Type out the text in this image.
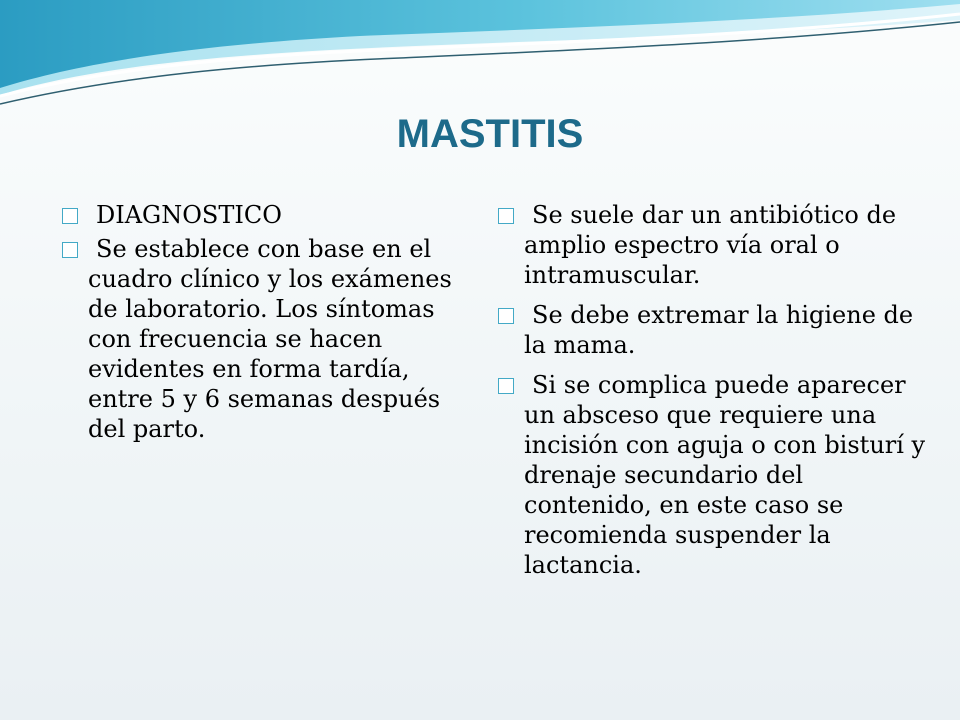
MASTITIS
DIAGNOSTICO
Se establece con base en el cuadro clínico y los exámenes de laboratorio. Los síntomas con frecuencia se hacen evidentes en forma tardía, entre 5 y 6 semanas después del parto.
Se suele dar un antibiótico de amplio espectro vía oral o intramuscular.
Se debe extremar la higiene de la mama.
Si se complica puede aparecer un absceso que requiere una incisión con aguja o con bisturí y drenaje secundario del contenido, en este caso se recomienda suspender la lactancia.
